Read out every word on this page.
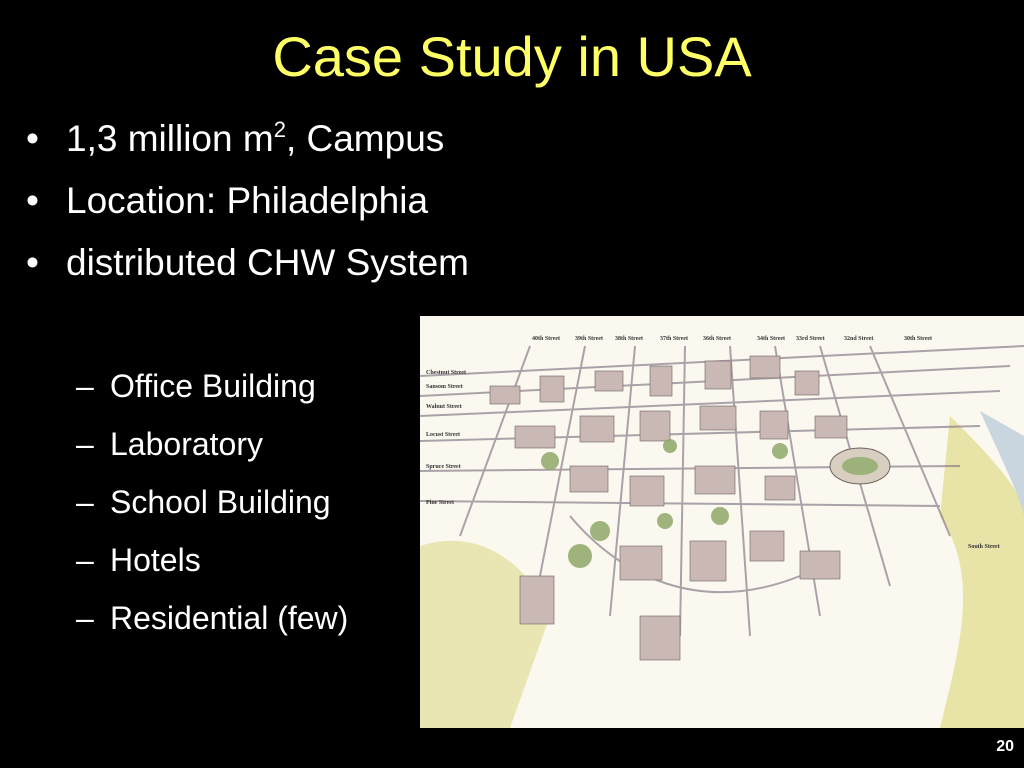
Case Study in USA
• 1,3 million $m^2$, Campus
• Location: Philadelphia
• distributed CHW System
– Office Building
– Laboratory
– School Building
– Hotels
– Residential (few)
40th Street 39th Street 38th Street	37th Street 36th Street	34th Street 33rd Street	32nd Street	30th Street
Chestnut Street
Sansom Street
Walnut Street
Locust Street
Spruce Street
Pine Street
South Street
20
